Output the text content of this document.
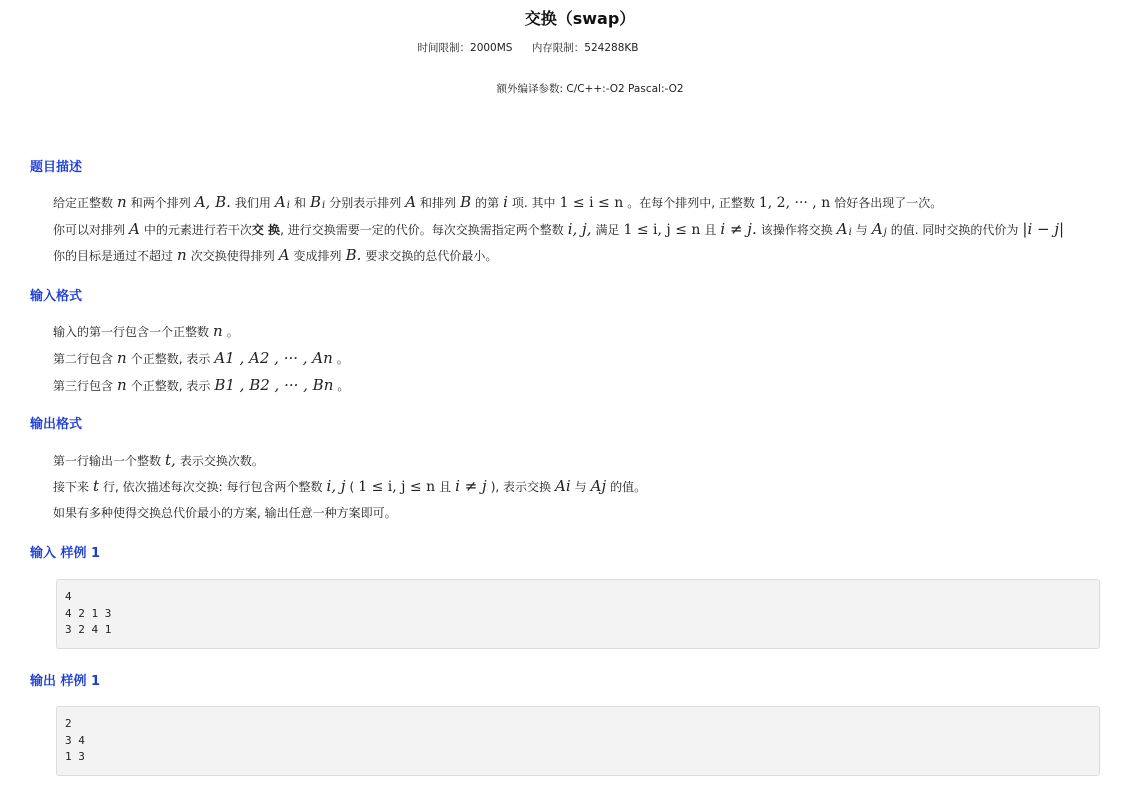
交换（swap）
时间限制：2000MS 内存限制：524288KB
额外编译参数: C/C++:-O2 Pascal:-O2
题目描述
给定正整数 n 和两个排列 A, B. 我们用 Ai 和 Bi 分别表示排列 A 和排列 B 的第 i 项. 其中 1 ≤ i ≤ n 。在每个排列中, 正整数 1, 2, ··· , n 恰好各出现了一次。
你可以对排列 A 中的元素进行若干次交 换, 进行交换需要一定的代价。每次交换需指定两个整数 i, j, 满足 1 ≤ i, j ≤ n 且 i ≠ j. 该操作将交换 Ai 与 Aj 的值. 同时交换的代价为 |i − j|
你的目标是通过不超过 n 次交换使得排列 A 变成排列 B. 要求交换的总代价最小。
输入格式
输入的第一行包含一个正整数 n 。
第二行包含 n 个正整数, 表示 A1 , A2 , ··· , An 。
第三行包含 n 个正整数, 表示 B1 , B2 , ··· , Bn 。
输出格式
第一行输出一个整数 t, 表示交换次数。
接下来 t 行, 依次描述每次交换: 每行包含两个整数 i, j ( 1 ≤ i, j ≤ n 且 i ≠ j ), 表示交换 Ai 与 Aj 的值。
如果有多种使得交换总代价最小的方案, 输出任意一种方案即可。
输入 样例 1
4
4 2 1 3
3 2 4 1
输出 样例 1
2
3 4
1 3
